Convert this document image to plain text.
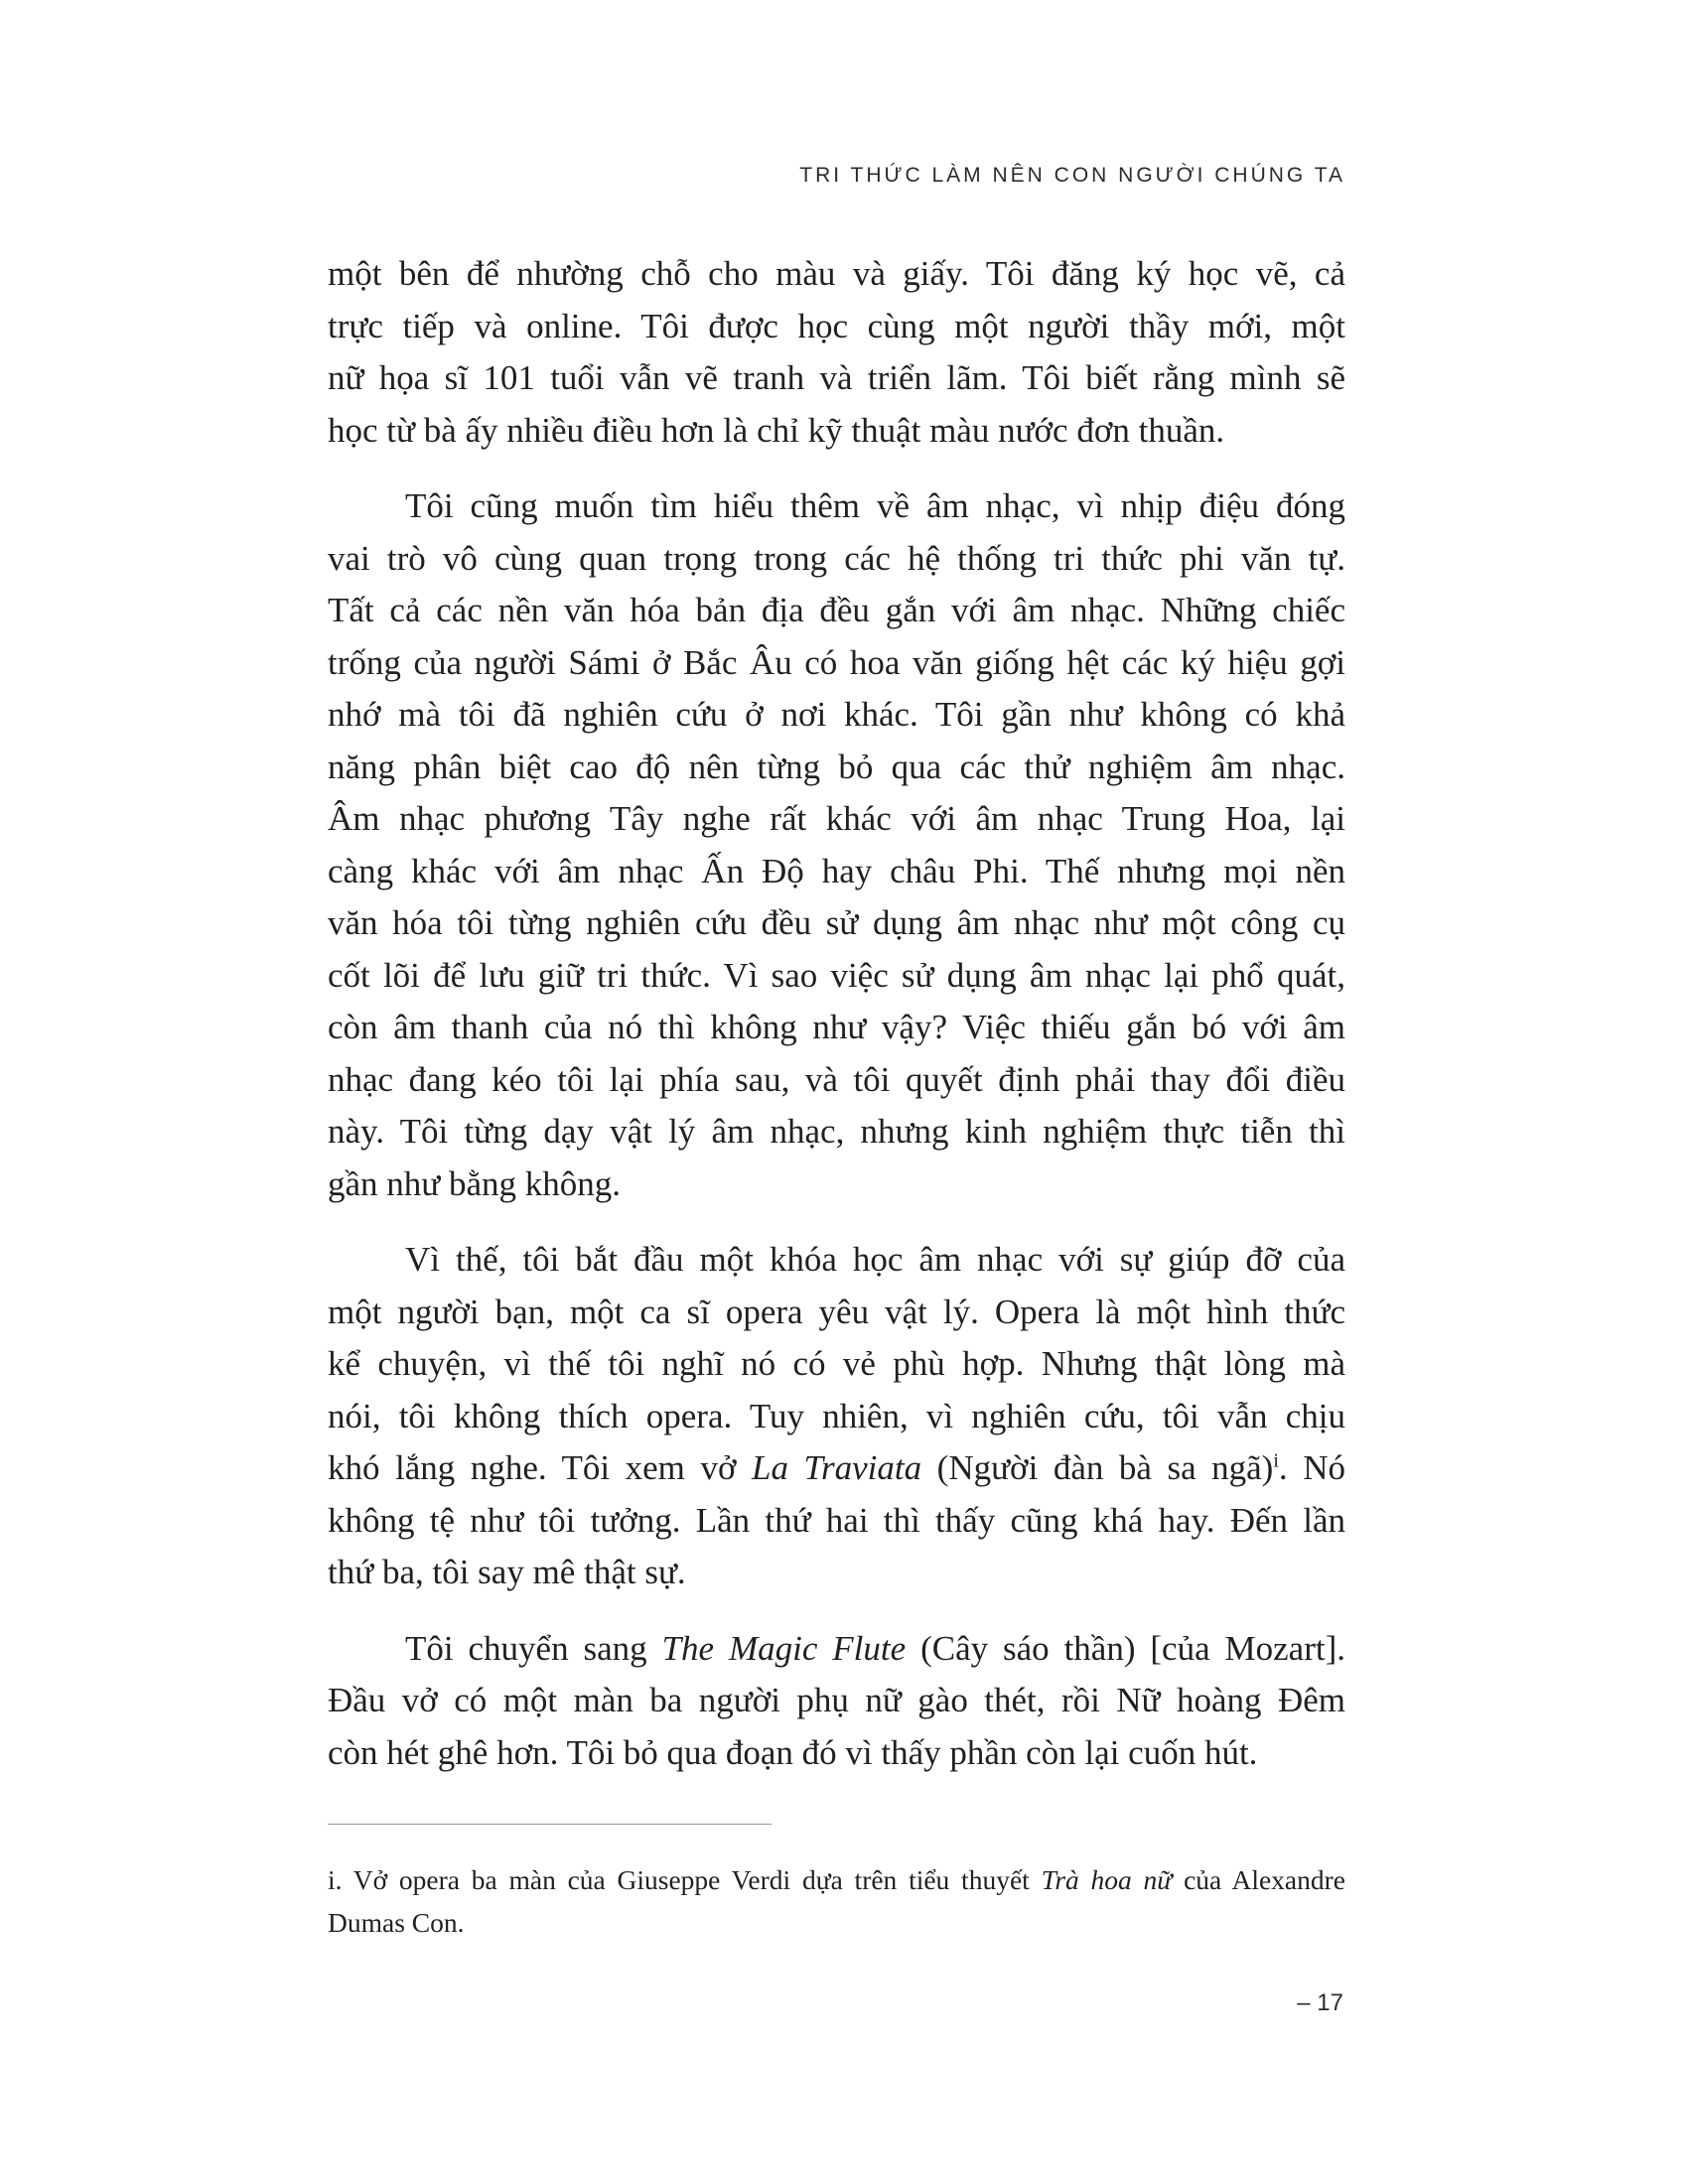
TRI THỨC LÀM NÊN CON NGƯỜI CHÚNG TA
một bên để nhường chỗ cho màu và giấy. Tôi đăng ký học vẽ, cả
trực tiếp và online. Tôi được học cùng một người thầy mới, một
nữ họa sĩ 101 tuổi vẫn vẽ tranh và triển lãm. Tôi biết rằng mình sẽ
học từ bà ấy nhiều điều hơn là chỉ kỹ thuật màu nước đơn thuần.
Tôi cũng muốn tìm hiểu thêm về âm nhạc, vì nhịp điệu đóng
vai trò vô cùng quan trọng trong các hệ thống tri thức phi văn tự.
Tất cả các nền văn hóa bản địa đều gắn với âm nhạc. Những chiếc
trống của người Sámi ở Bắc Âu có hoa văn giống hệt các ký hiệu gợi
nhớ mà tôi đã nghiên cứu ở nơi khác. Tôi gần như không có khả
năng phân biệt cao độ nên từng bỏ qua các thử nghiệm âm nhạc.
Âm nhạc phương Tây nghe rất khác với âm nhạc Trung Hoa, lại
càng khác với âm nhạc Ấn Độ hay châu Phi. Thế nhưng mọi nền
văn hóa tôi từng nghiên cứu đều sử dụng âm nhạc như một công cụ
cốt lõi để lưu giữ tri thức. Vì sao việc sử dụng âm nhạc lại phổ quát,
còn âm thanh của nó thì không như vậy? Việc thiếu gắn bó với âm
nhạc đang kéo tôi lại phía sau, và tôi quyết định phải thay đổi điều
này. Tôi từng dạy vật lý âm nhạc, nhưng kinh nghiệm thực tiễn thì
gần như bằng không.
Vì thế, tôi bắt đầu một khóa học âm nhạc với sự giúp đỡ của
một người bạn, một ca sĩ opera yêu vật lý. Opera là một hình thức
kể chuyện, vì thế tôi nghĩ nó có vẻ phù hợp. Nhưng thật lòng mà
nói, tôi không thích opera. Tuy nhiên, vì nghiên cứu, tôi vẫn chịu
khó lắng nghe. Tôi xem vở La Traviata (Người đàn bà sa ngã)$^i$. Nó
không tệ như tôi tưởng. Lần thứ hai thì thấy cũng khá hay. Đến lần
thứ ba, tôi say mê thật sự.
Tôi chuyển sang The Magic Flute (Cây sáo thần) [của Mozart].
Đầu vở có một màn ba người phụ nữ gào thét, rồi Nữ hoàng Đêm
còn hét ghê hơn. Tôi bỏ qua đoạn đó vì thấy phần còn lại cuốn hút.
i. Vở opera ba màn của Giuseppe Verdi dựa trên tiểu thuyết Trà hoa nữ của Alexandre
Dumas Con.
– 17
